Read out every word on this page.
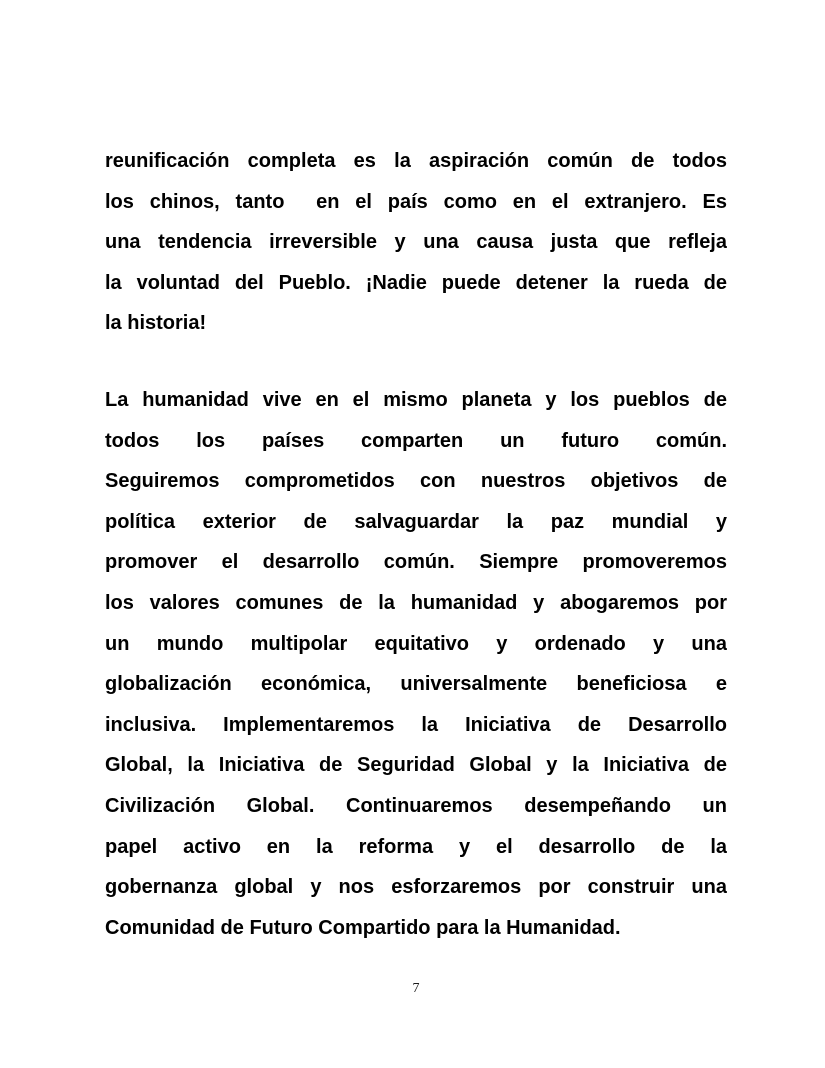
reunificación completa es la aspiración común de todos
los chinos, tanto  en el país como en el extranjero. Es
una tendencia irreversible y una causa justa que refleja
la voluntad del Pueblo. ¡Nadie puede detener la rueda de
la historia!
La humanidad vive en el mismo planeta y los pueblos de
todos los países comparten un futuro común.
Seguiremos comprometidos con nuestros objetivos de
política exterior de salvaguardar la paz mundial y
promover el desarrollo común. Siempre promoveremos
los valores comunes de la humanidad y abogaremos por
un mundo multipolar equitativo y ordenado y una
globalización económica, universalmente beneficiosa e
inclusiva. Implementaremos la Iniciativa de Desarrollo
Global, la Iniciativa de Seguridad Global y la Iniciativa de
Civilización Global. Continuaremos desempeñando un
papel activo en la reforma y el desarrollo de la
gobernanza global y nos esforzaremos por construir una
Comunidad de Futuro Compartido para la Humanidad.
7
